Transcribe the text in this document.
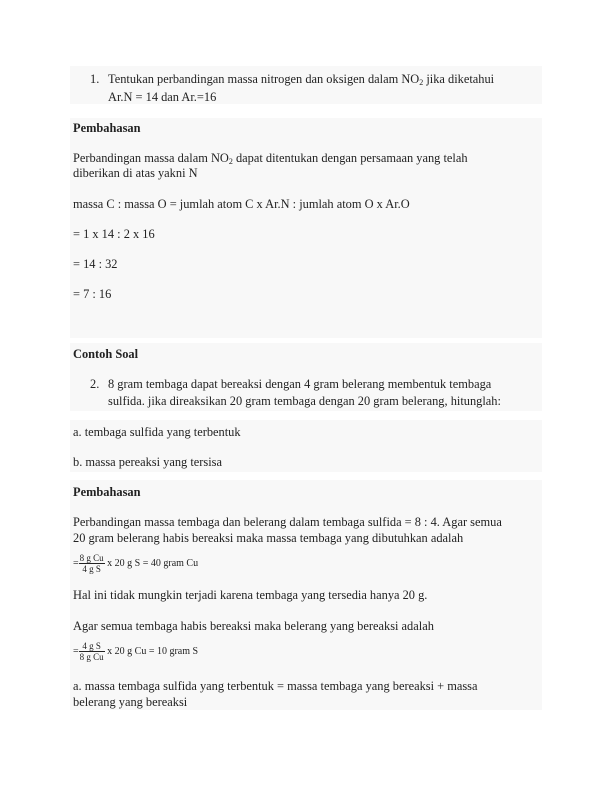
1. Tentukan perbandingan massa nitrogen dan oksigen dalam $NO_2$ jika diketahui
Ar.N = 14 dan Ar.=16
Pembahasan
Perbandingan massa dalam $NO_2$ dapat ditentukan dengan persamaan yang telah
diberikan di atas yakni N
massa C : massa O = jumlah atom C x Ar.N : jumlah atom O x Ar.O
= 1 x 14 : 2 x 16
= 14 : 32
= 7 : 16
Contoh Soal
2. 8 gram tembaga dapat bereaksi dengan 4 gram belerang membentuk tembaga
sulfida. jika direaksikan 20 gram tembaga dengan 20 gram belerang, hitunglah:
a. tembaga sulfida yang terbentuk
b. massa pereaksi yang tersisa
Pembahasan
Perbandingan massa tembaga dan belerang dalam tembaga sulfida = 8 : 4. Agar semua
20 gram belerang habis bereaksi maka massa tembaga yang dibutuhkan adalah
= $\frac{\text{8 g Cu}}{\text{4 g S}}$ x 20 g S = 40 gram Cu
Hal ini tidak mungkin terjadi karena tembaga yang tersedia hanya 20 g.
Agar semua tembaga habis bereaksi maka belerang yang bereaksi adalah
= $\frac{\text{4 g S}}{\text{8 g Cu}}$ x 20 g Cu = 10 gram S
a. massa tembaga sulfida yang terbentuk = massa tembaga yang bereaksi + massa
belerang yang bereaksi
